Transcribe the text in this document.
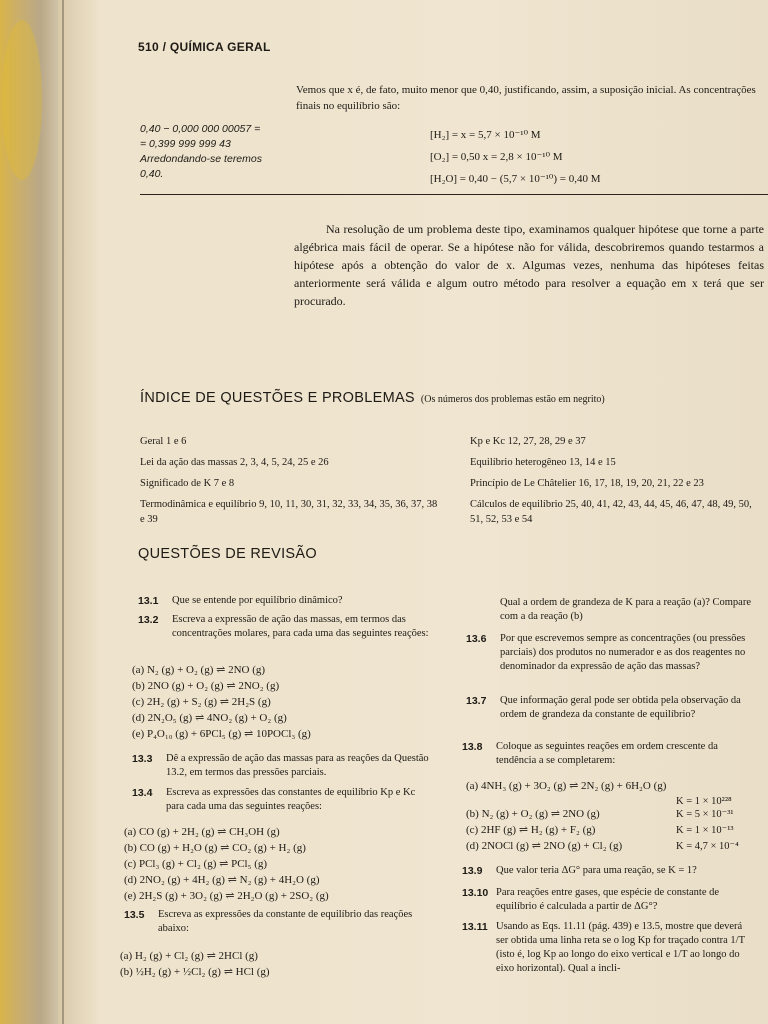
510 / QUÍMICA GERAL
Vemos que x é, de fato, muito menor que 0,40, justificando, assim, a suposição inicial. As concentrações finais no equilíbrio são:
0,40 − 0,000 000 00057 =
= 0,399 999 999 43
Arredondando-se teremos
0,40.
[H₂] = x = 5,7 × 10⁻¹⁰ M
[O₂] = 0,50 x = 2,8 × 10⁻¹⁰ M
[H₂O] = 0,40 − (5,7 × 10⁻¹⁰) = 0,40 M
Na resolução de um problema deste tipo, examinamos qualquer hipótese que torne a parte algébrica mais fácil de operar. Se a hipótese não for válida, descobriremos quando testarmos a hipótese após a obtenção do valor de x. Algumas vezes, nenhuma das hipóteses feitas anteriormente será válida e algum outro método para resolver a equação em x terá que ser procurado.
ÍNDICE DE QUESTÕES E PROBLEMAS (Os números dos problemas estão em negrito)
Geral 1 e 6
Lei da ação das massas 2, 3, 4, 5, 24, 25 e 26
Significado de K 7 e 8
Termodinâmica e equilíbrio 9, 10, 11, 30, 31, 32, 33, 34, 35, 36, 37, 38 e 39
Kp e Kc 12, 27, 28, 29 e 37
Equilíbrio heterogêneo 13, 14 e 15
Princípio de Le Châtelier 16, 17, 18, 19, 20, 21, 22 e 23
Cálculos de equilíbrio 25, 40, 41, 42, 43, 44, 45, 46, 47, 48, 49, 50, 51, 52, 53 e 54
QUESTÕES DE REVISÃO
13.1 Que se entende por equilíbrio dinâmico?
13.2 Escreva a expressão de ação das massas, em termos das concentrações molares, para cada uma das seguintes reações:
(a) N₂ (g) + O₂ (g) ⇌ 2NO (g)
(b) 2NO (g) + O₂ (g) ⇌ 2NO₂ (g)
(c) 2H₂ (g) + S₂ (g) ⇌ 2H₂S (g)
(d) 2N₂O₅ (g) ⇌ 4NO₂ (g) + O₂ (g)
(e) P₄O₁₀ (g) + 6PCl₅ (g) ⇌ 10POCl₃ (g)
13.3 Dê a expressão de ação das massas para as reações da Questão 13.2, em termos das pressões parciais.
13.4 Escreva as expressões das constantes de equilíbrio Kp e Kc para cada uma das seguintes reações:
(a) CO (g) + 2H₂ (g) ⇌ CH₃OH (g)
(b) CO (g) + H₂O (g) ⇌ CO₂ (g) + H₂ (g)
(c) PCl₃ (g) + Cl₂ (g) ⇌ PCl₅ (g)
(d) 2NO₂ (g) + 4H₂ (g) ⇌ N₂ (g) + 4H₂O (g)
(e) 2H₂S (g) + 3O₂ (g) ⇌ 2H₂O (g) + 2SO₂ (g)
13.5 Escreva as expressões da constante de equilíbrio das reações abaixo:
(a) H₂ (g) + Cl₂ (g) ⇌ 2HCl (g)
(b) ½H₂ (g) + ½Cl₂ (g) ⇌ HCl (g)
Qual a ordem de grandeza de K para a reação (a)? Compare com a da reação (b)
13.6 Por que escrevemos sempre as concentrações (ou pressões parciais) dos produtos no numerador e as dos reagentes no denominador da expressão de ação das massas?
13.7 Que informação geral pode ser obtida pela observação da ordem de grandeza da constante de equilíbrio?
13.8 Coloque as seguintes reações em ordem crescente da tendência a se completarem:
(a) 4NH₃ (g) + 3O₂ (g) ⇌ 2N₂ (g) + 6H₂O (g)
K = 1 × 10²²⁸
(b) N₂ (g) + O₂ (g) ⇌ 2NO (g)
(c) 2HF (g) ⇌ H₂ (g) + F₂ (g)
(d) 2NOCl (g) ⇌ 2NO (g) + Cl₂ (g)
K = 5 × 10⁻³¹
K = 1 × 10⁻¹³
K = 4,7 × 10⁻⁴
13.9 Que valor teria ΔG° para uma reação, se K = 1?
13.10 Para reações entre gases, que espécie de constante de equilíbrio é calculada a partir de ΔG°?
13.11 Usando as Eqs. 11.11 (pág. 439) e 13.5, mostre que deverá ser obtida uma linha reta se o log Kp for traçado contra 1/T (isto é, log Kp ao longo do eixo vertical e 1/T ao longo do eixo horizontal). Qual a incli-
